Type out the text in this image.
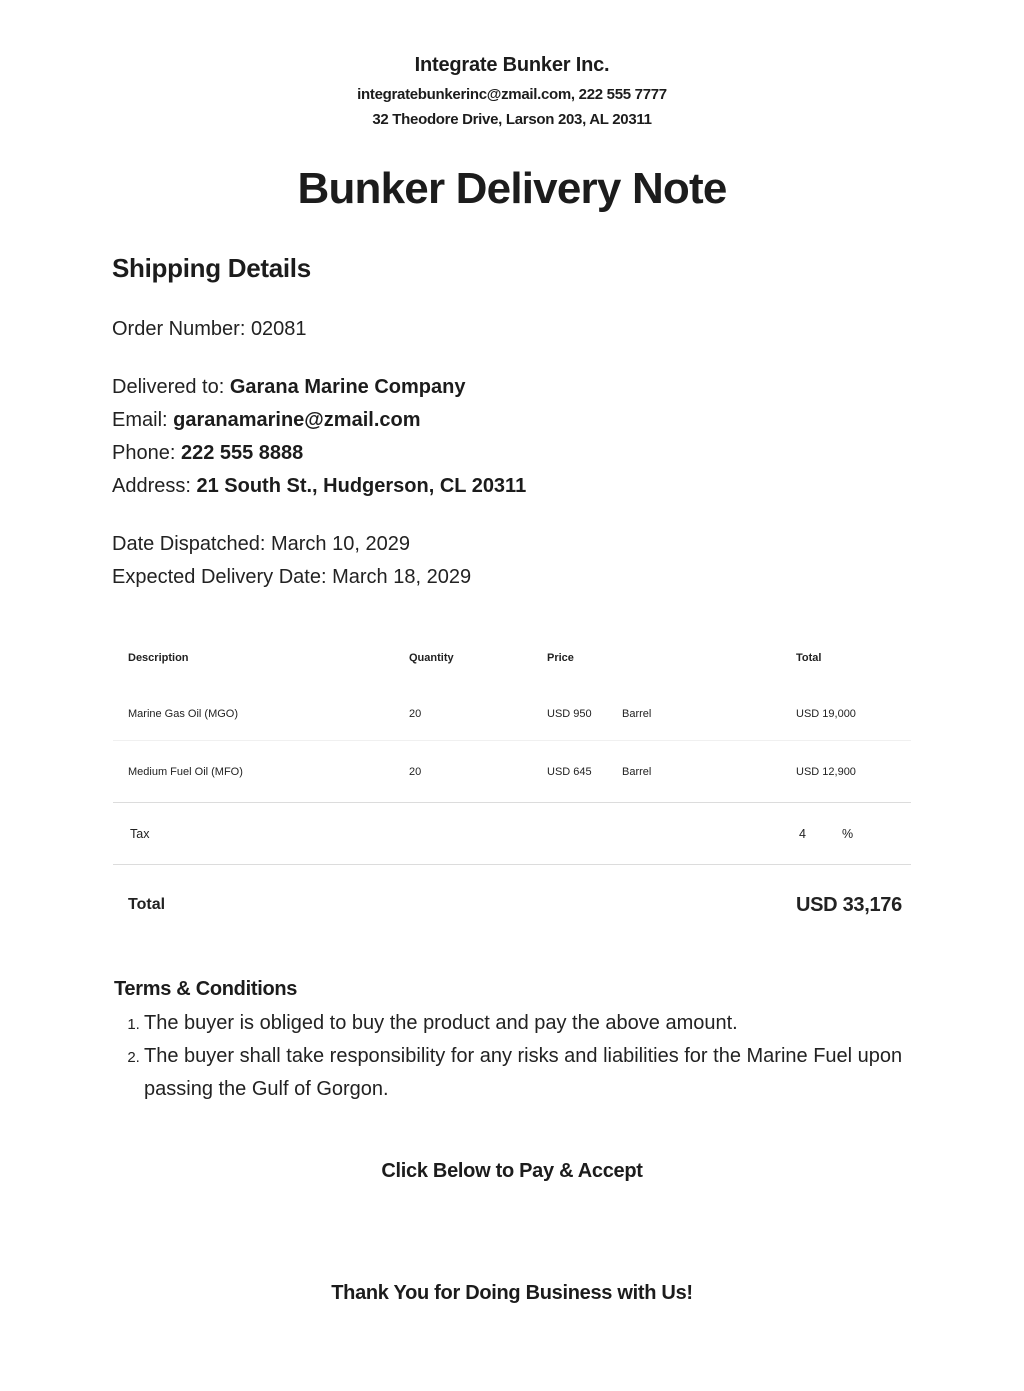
Integrate Bunker Inc.
integratebunkerinc@zmail.com, 222 555 7777
32 Theodore Drive, Larson 203, AL 20311
Bunker Delivery Note
Shipping Details
Order Number: 02081
Delivered to: Garana Marine Company
Email: garanamarine@zmail.com
Phone: 222 555 8888
Address: 21 South St., Hudgerson, CL 20311
Date Dispatched: March 10, 2029
Expected Delivery Date: March 18, 2029
Description	Quantity	Price		Total
Marine Gas Oil (MGO)	20	USD 950	Barrel	USD 19,000
Medium Fuel Oil (MFO)	20	USD 645	Barrel	USD 12,900
Tax				4 %
Total				USD 33,176
Terms & Conditions
1. The buyer is obliged to buy the product and pay the above amount.
2. The buyer shall take responsibility for any risks and liabilities for the Marine Fuel upon passing the Gulf of Gorgon.
Click Below to Pay & Accept
Thank You for Doing Business with Us!
